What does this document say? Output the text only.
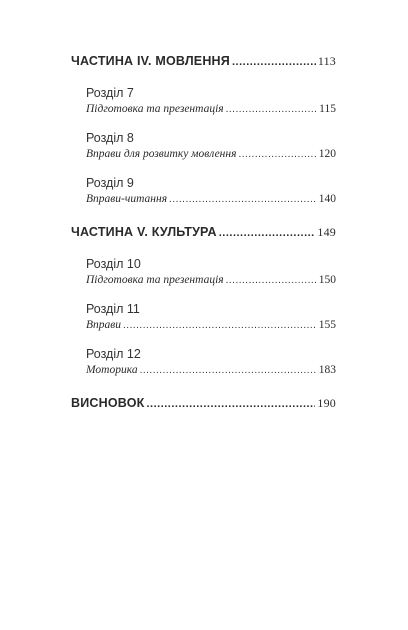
ЧАСТИНА IV. МОВЛЕННЯ .....	113
Розділ 7
Підготовка та презентація .....	115
Розділ 8
Вправи для розвитку мовлення .....	120
Розділ 9
Вправи-читання .....	140
ЧАСТИНА V. КУЛЬТУРА .....	149
Розділ 10
Підготовка та презентація .....	150
Розділ 11
Вправи .....	155
Розділ 12
Моторика .....	183
ВИСНОВОК .....	190
